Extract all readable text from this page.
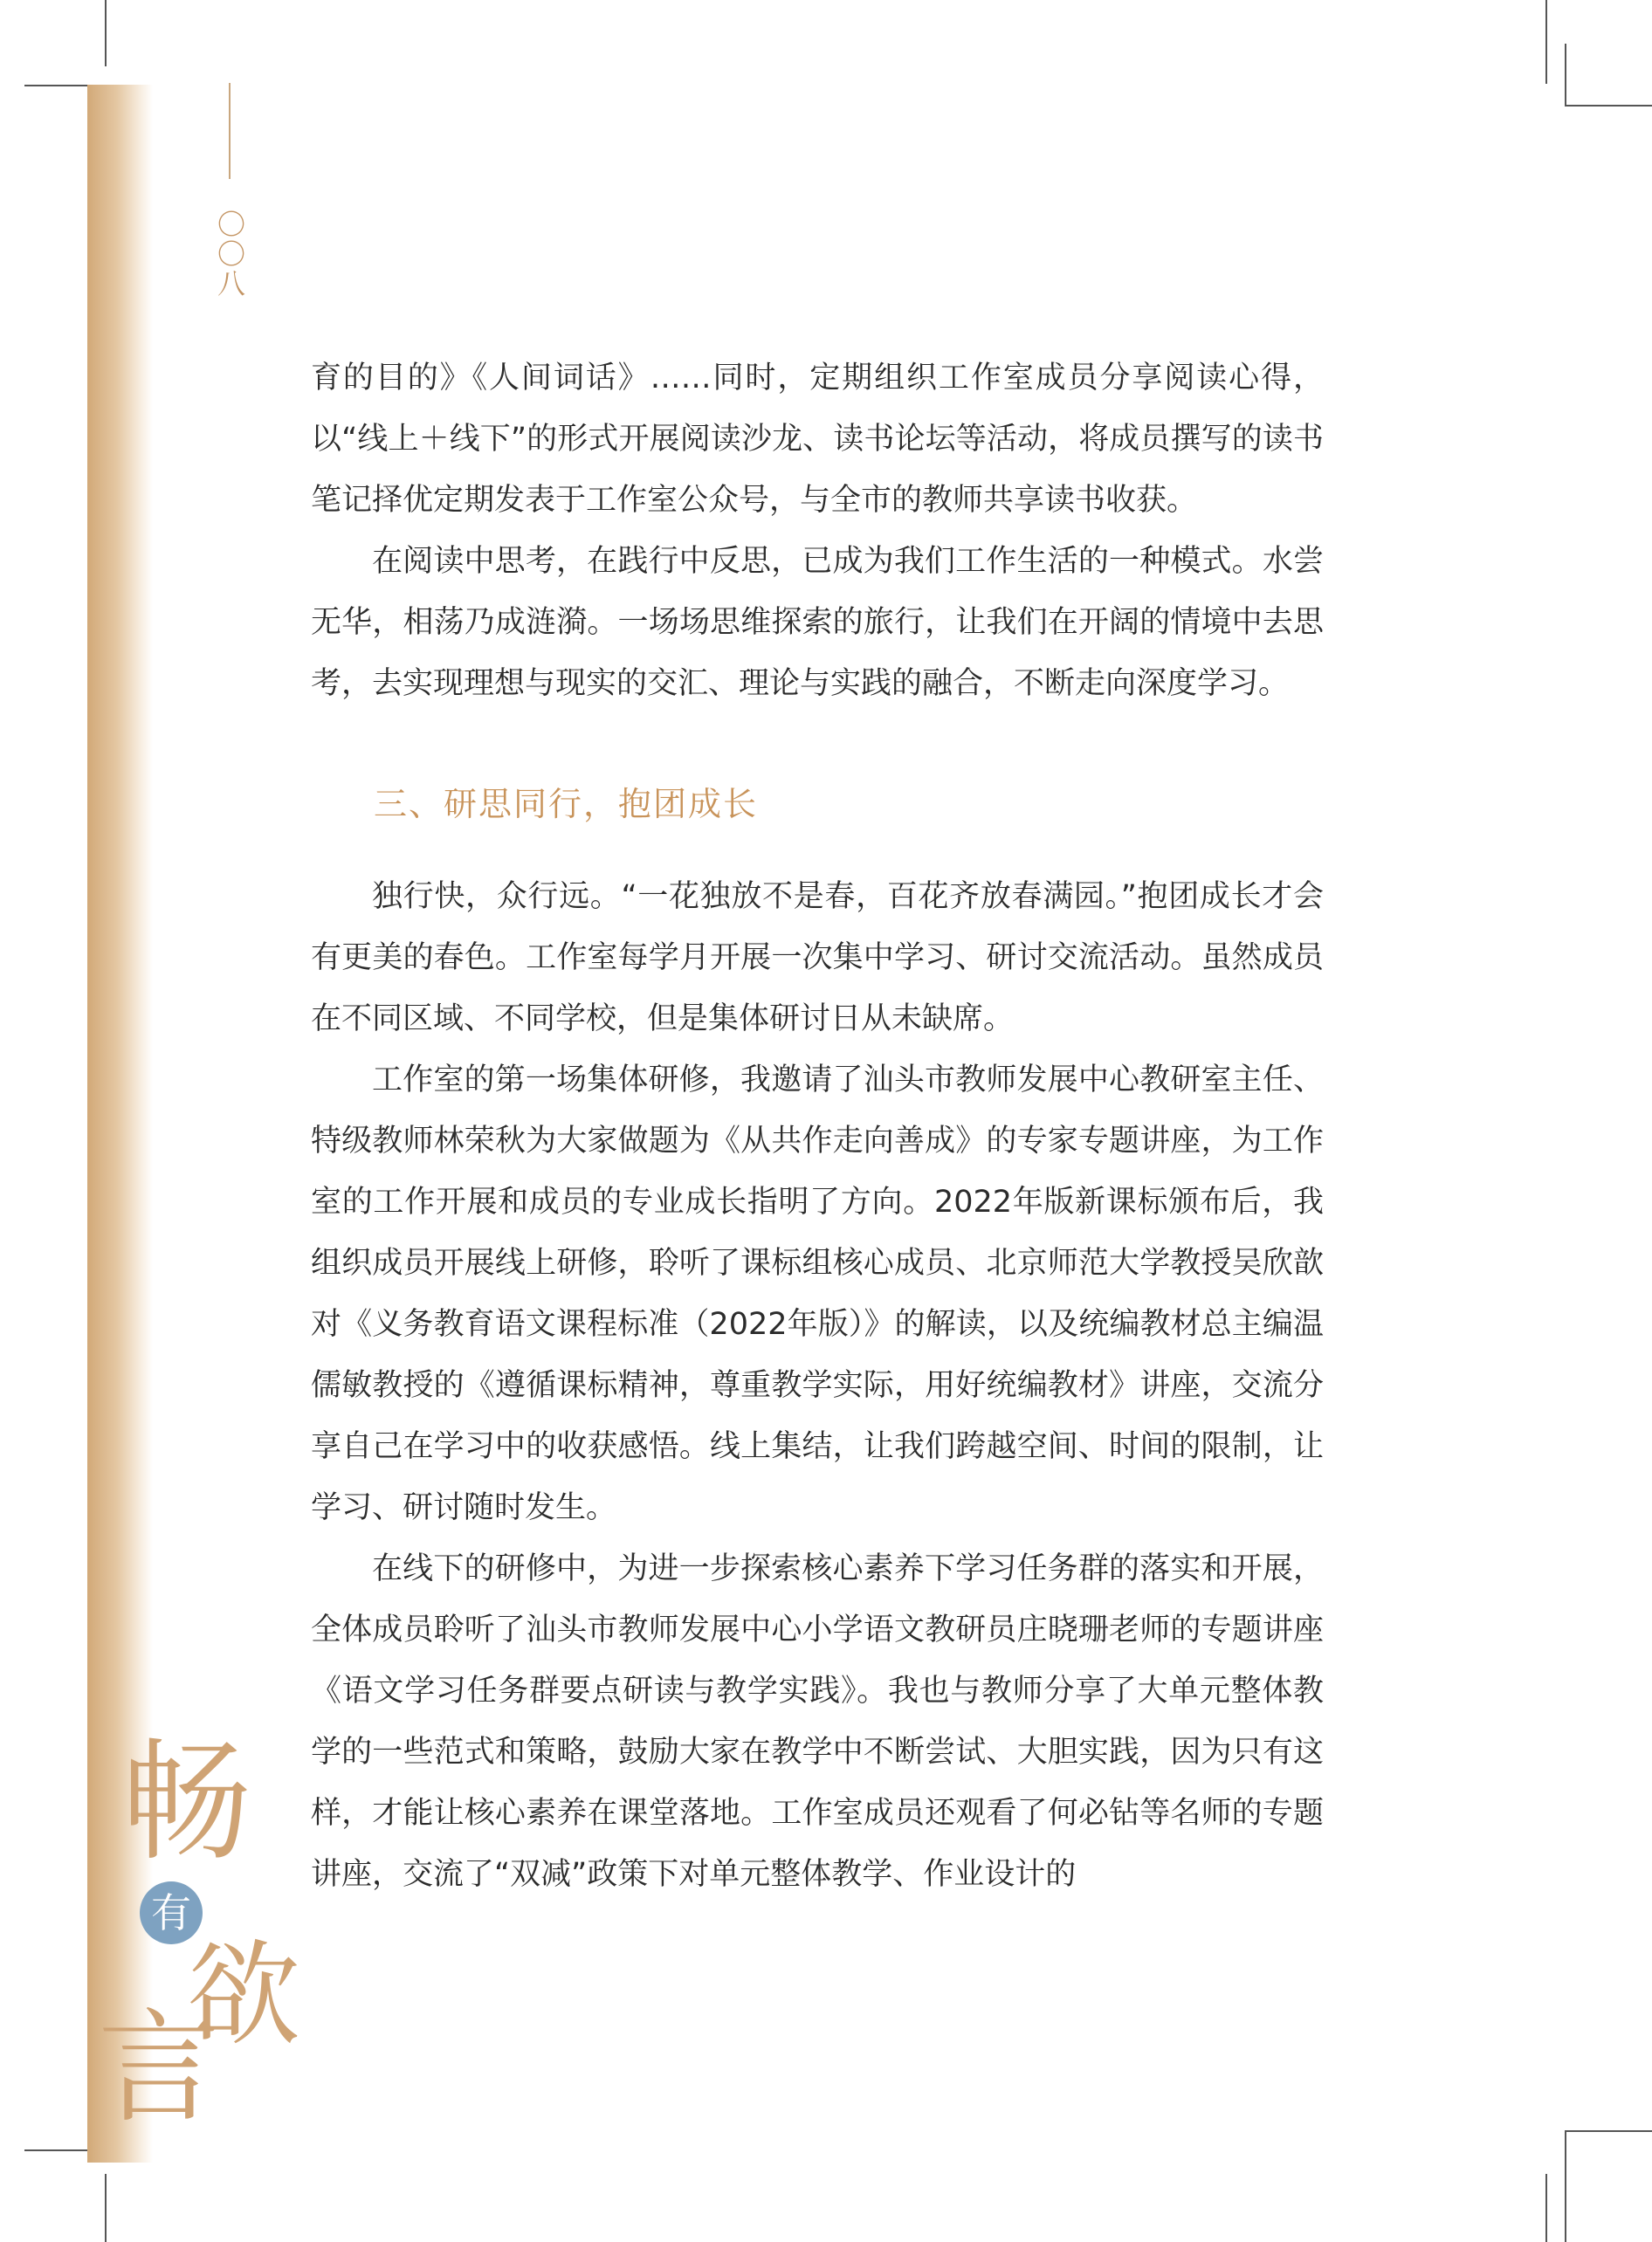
〇〇八

育的目的》《人间词话》……同时，定期组织工作室成员分享阅读心得，以“线上＋线下”的形式开展阅读沙龙、读书论坛等活动，将成员撰写的读书笔记择优定期发表于工作室公众号，与全市的教师共享读书收获。

在阅读中思考，在践行中反思，已成为我们工作生活的一种模式。水尝无华，相荡乃成涟漪。一场场思维探索的旅行，让我们在开阔的情境中去思考，去实现理想与现实的交汇、理论与实践的融合，不断走向深度学习。

三、研思同行，抱团成长

独行快，众行远。“一花独放不是春，百花齐放春满园。”抱团成长才会有更美的春色。工作室每学月开展一次集中学习、研讨交流活动。虽然成员在不同区域、不同学校，但是集体研讨日从未缺席。

工作室的第一场集体研修，我邀请了汕头市教师发展中心教研室主任、特级教师林荣秋为大家做题为《从共作走向善成》的专家专题讲座，为工作室的工作开展和成员的专业成长指明了方向。2022年版新课标颁布后，我组织成员开展线上研修，聆听了课标组核心成员、北京师范大学教授吴欣歆对《义务教育语文课程标准（2022年版）》的解读，以及统编教材总主编温儒敏教授的《遵循课标精神，尊重教学实际，用好统编教材》讲座，交流分享自己在学习中的收获感悟。线上集结，让我们跨越空间、时间的限制，让学习、研讨随时发生。

在线下的研修中，为进一步探索核心素养下学习任务群的落实和开展，全体成员聆听了汕头市教师发展中心小学语文教研员庄晓珊老师的专题讲座《语文学习任务群要点研读与教学实践》。我也与教师分享了大单元整体教学的一些范式和策略，鼓励大家在教学中不断尝试、大胆实践，因为只有这样，才能让核心素养在课堂落地。工作室成员还观看了何必钻等名师的专题讲座，交流了“双减”政策下对单元整体教学、作业设计的

畅
有
欲
言
